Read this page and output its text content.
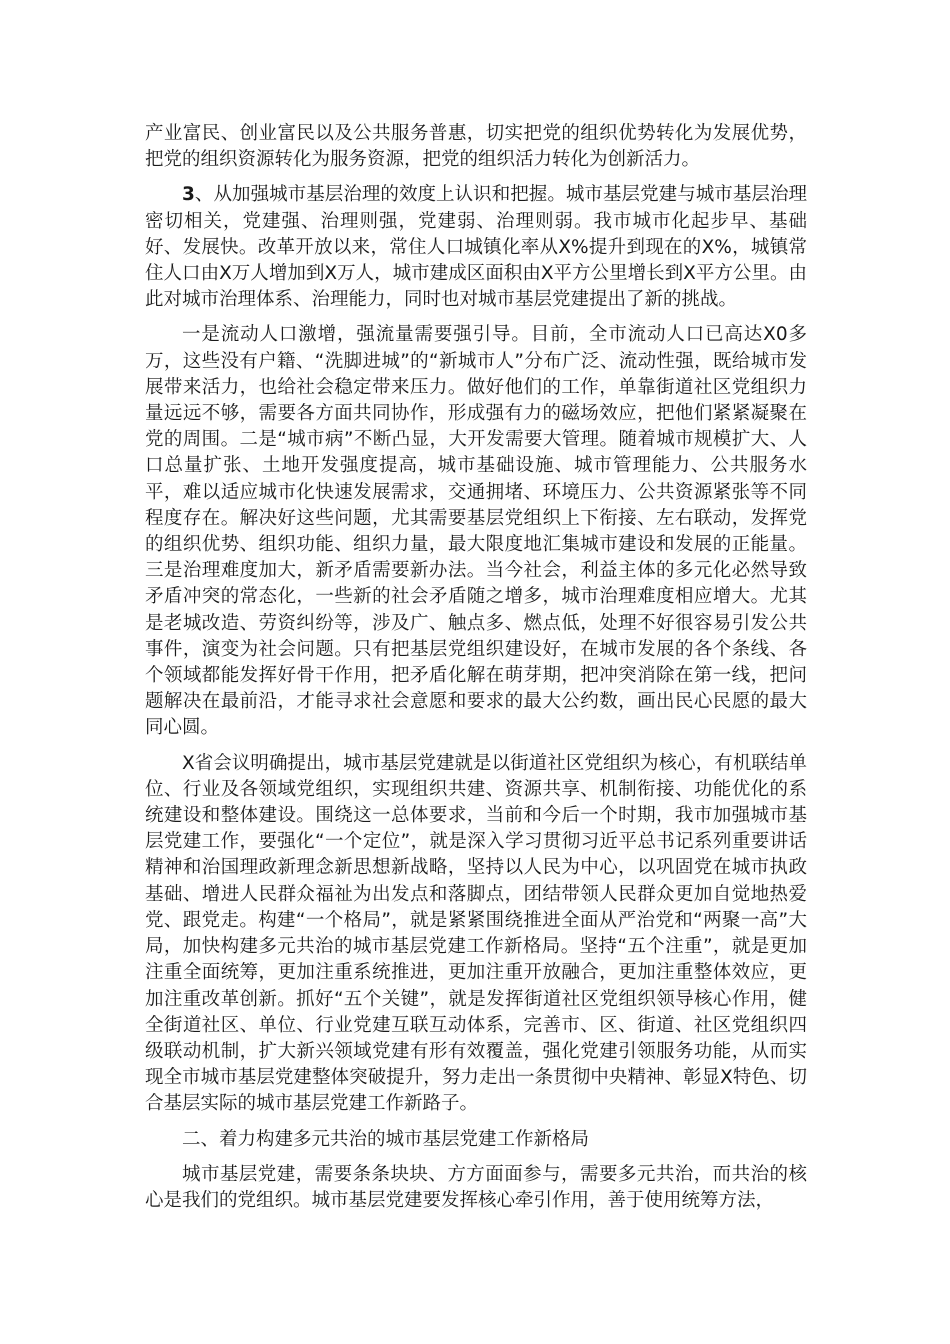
产业富民、创业富民以及公共服务普惠，切实把党的组织优势转化为发展优势，把党的组织资源转化为服务资源，把党的组织活力转化为创新活力。

3、从加强城市基层治理的效度上认识和把握。城市基层党建与城市基层治理密切相关，党建强、治理则强，党建弱、治理则弱。我市城市化起步早、基础好、发展快。改革开放以来，常住人口城镇化率从X%提升到现在的X%，城镇常住人口由X万人增加到X万人，城市建成区面积由X平方公里增长到X平方公里。由此对城市治理体系、治理能力，同时也对城市基层党建提出了新的挑战。

一是流动人口激增，强流量需要强引导。目前，全市流动人口已高达X0多万，这些没有户籍、“洗脚进城”的“新城市人”分布广泛、流动性强，既给城市发展带来活力，也给社会稳定带来压力。做好他们的工作，单靠街道社区党组织力量远远不够，需要各方面共同协作，形成强有力的磁场效应，把他们紧紧凝聚在党的周围。二是“城市病”不断凸显，大开发需要大管理。随着城市规模扩大、人口总量扩张、土地开发强度提高，城市基础设施、城市管理能力、公共服务水平，难以适应城市化快速发展需求，交通拥堵、环境压力、公共资源紧张等不同程度存在。解决好这些问题，尤其需要基层党组织上下衔接、左右联动，发挥党的组织优势、组织功能、组织力量，最大限度地汇集城市建设和发展的正能量。三是治理难度加大，新矛盾需要新办法。当今社会，利益主体的多元化必然导致矛盾冲突的常态化，一些新的社会矛盾随之增多，城市治理难度相应增大。尤其是老城改造、劳资纠纷等，涉及广、触点多、燃点低，处理不好很容易引发公共事件，演变为社会问题。只有把基层党组织建设好，在城市发展的各个条线、各个领域都能发挥好骨干作用，把矛盾化解在萌芽期，把冲突消除在第一线，把问题解决在最前沿，才能寻求社会意愿和要求的最大公约数，画出民心民愿的最大同心圆。

X省会议明确提出，城市基层党建就是以街道社区党组织为核心，有机联结单位、行业及各领域党组织，实现组织共建、资源共享、机制衔接、功能优化的系统建设和整体建设。围绕这一总体要求，当前和今后一个时期，我市加强城市基层党建工作，要强化“一个定位”，就是深入学习贯彻习近平总书记系列重要讲话精神和治国理政新理念新思想新战略，坚持以人民为中心，以巩固党在城市执政基础、增进人民群众福祉为出发点和落脚点，团结带领人民群众更加自觉地热爱党、跟党走。构建“一个格局”，就是紧紧围绕推进全面从严治党和“两聚一高”大局，加快构建多元共治的城市基层党建工作新格局。坚持“五个注重”，就是更加注重全面统筹，更加注重系统推进，更加注重开放融合，更加注重整体效应，更加注重改革创新。抓好“五个关键”，就是发挥街道社区党组织领导核心作用，健全街道社区、单位、行业党建互联互动体系，完善市、区、街道、社区党组织四级联动机制，扩大新兴领域党建有形有效覆盖，强化党建引领服务功能，从而实现全市城市基层党建整体突破提升，努力走出一条贯彻中央精神、彰显X特色、切合基层实际的城市基层党建工作新路子。

二、着力构建多元共治的城市基层党建工作新格局

城市基层党建，需要条条块块、方方面面参与，需要多元共治，而共治的核心是我们的党组织。城市基层党建要发挥核心牵引作用，善于使用统筹方法，
